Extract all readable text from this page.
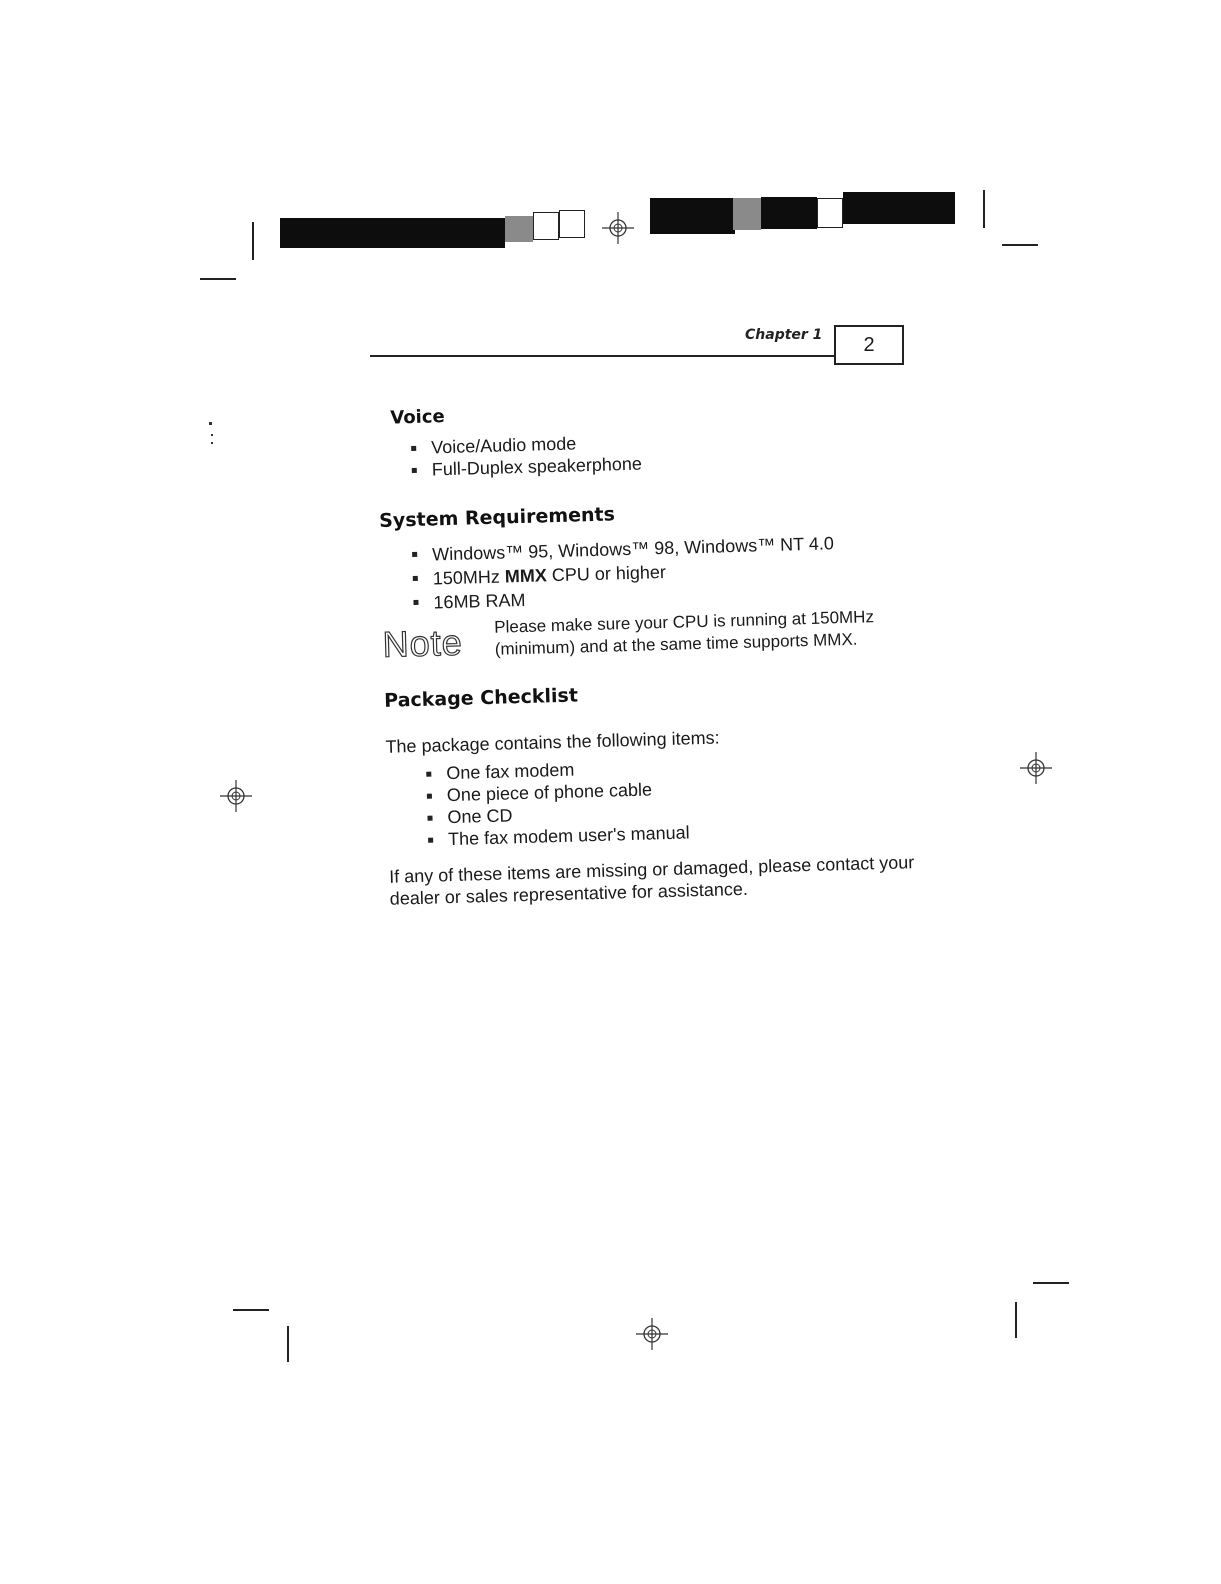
Chapter 1	2
Voice
Voice/Audio mode
Full-Duplex speakerphone
System Requirements
Windows™ 95, Windows™ 98, Windows™ NT 4.0
150MHz MMX CPU or higher
16MB RAM
Note Please make sure your CPU is running at 150MHz (minimum) and at the same time supports MMX.
Package Checklist
The package contains the following items:
One fax modem
One piece of phone cable
One CD
The fax modem user's manual
If any of these items are missing or damaged, please contact your dealer or sales representative for assistance.
